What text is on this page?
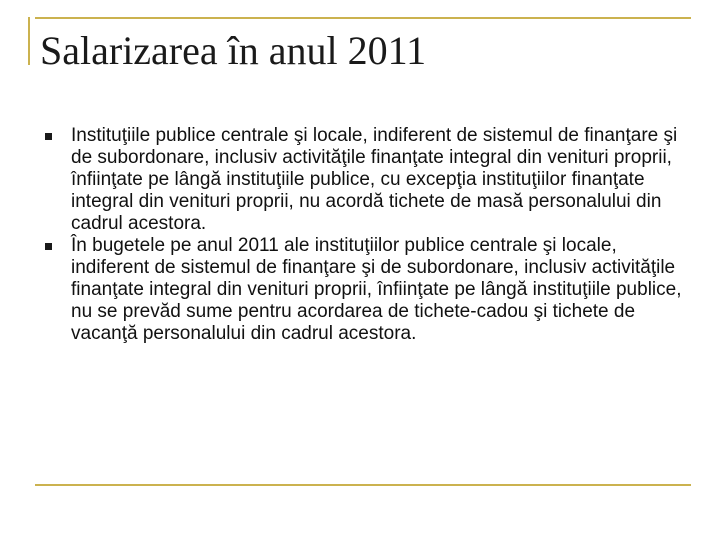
Salarizarea în anul 2011
Instituţiile publice centrale şi locale, indiferent de sistemul de finanţare şi de subordonare, inclusiv activităţile finanţate integral din venituri proprii, înfiinţate pe lângă instituţiile publice, cu excepţia instituţiilor finanţate integral din venituri proprii, nu acordă tichete de masă personalului din cadrul acestora.
În bugetele pe anul 2011 ale instituţiilor publice centrale şi locale, indiferent de sistemul de finanţare şi de subordonare, inclusiv activităţile finanţate integral din venituri proprii, înfiinţate pe lângă instituţiile publice, nu se prevăd sume pentru acordarea de tichete-cadou şi tichete de vacanţă personalului din cadrul acestora.
